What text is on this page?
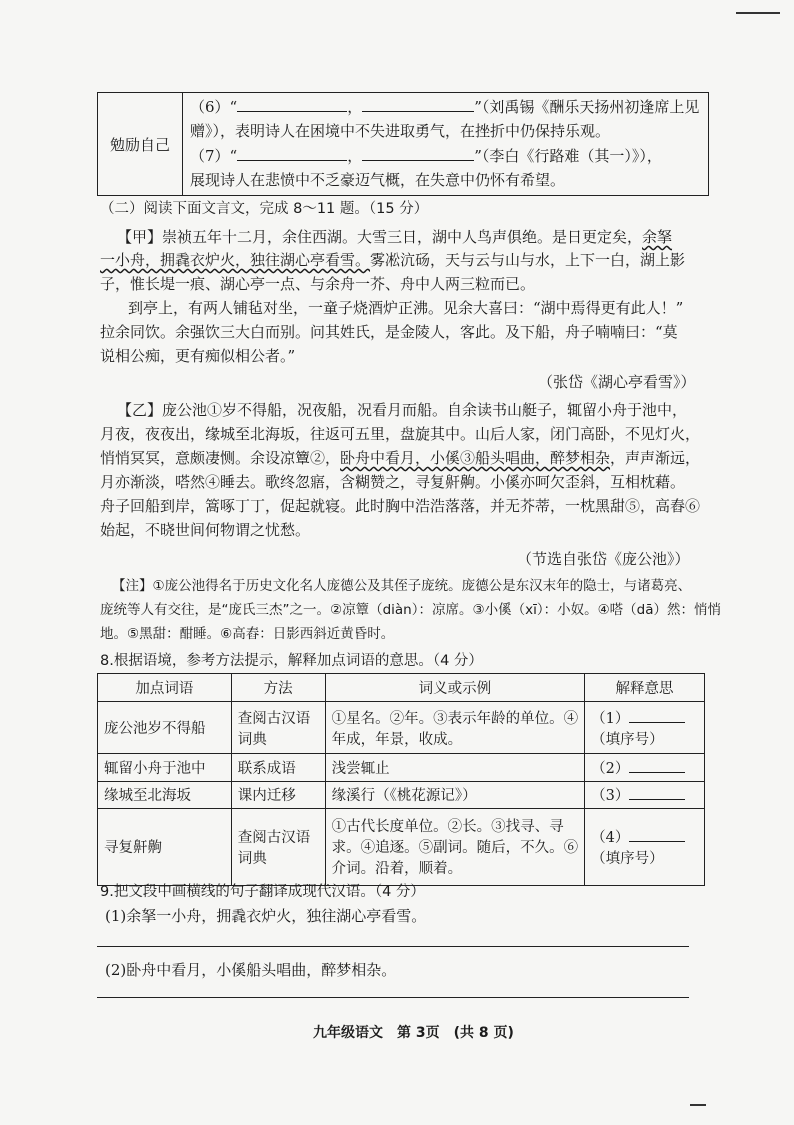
勉励自己
（6）“	，	”（刘禹锡《酬乐天扬州初逢席上见
赠》），表明诗人在困境中不失进取勇气，在挫折中仍保持乐观。
（7）“	，	”（李白《行路难（其一）》），
展现诗人在悲愤中不乏豪迈气概，在失意中仍怀有希望。
（二）阅读下面文言文，完成 8～11 题。（15 分）
【甲】崇祯五年十二月，余住西湖。大雪三日，湖中人鸟声俱绝。是日更定矣，余拏
一小舟，拥毳衣炉火，独往湖心亭看雪。雾凇沆砀，天与云与山与水，上下一白，湖上影
子，惟长堤一痕、湖心亭一点、与余舟一芥、舟中人两三粒而已。
到亭上，有两人铺毡对坐，一童子烧酒炉正沸。见余大喜曰：“湖中焉得更有此人！”
拉余同饮。余强饮三大白而别。问其姓氏，是金陵人，客此。及下船，舟子喃喃曰：“莫
说相公痴，更有痴似相公者。”
（张岱《湖心亭看雪》）
【乙】庞公池①岁不得船，况夜船，况看月而船。自余读书山艇子，辄留小舟于池中，
月夜，夜夜出，缘城至北海坂，往返可五里，盘旋其中。山后人家，闭门高卧，不见灯火，
悄悄冥冥，意颇凄恻。余设凉簟②，卧舟中看月，小傒③船头唱曲，醉梦相杂，声声渐远，
月亦渐淡，嗒然④睡去。歌终忽寤，含糊赞之，寻复鼾齁。小傒亦呵欠歪斜，互相枕藉。
舟子回船到岸，篙啄丁丁，促起就寝。此时胸中浩浩落落，并无芥蒂，一枕黑甜⑤，高舂⑥
始起，不晓世间何物谓之忧愁。
（节选自张岱《庞公池》）
【注】①庞公池得名于历史文化名人庞德公及其侄子庞统。庞德公是东汉末年的隐士，与诸葛亮、
庞统等人有交往，是“庞氏三杰”之一。②凉簟（diàn）：凉席。③小傒（xī）：小奴。④嗒（dā）然：悄悄
地。⑤黑甜：酣睡。⑥高舂：日影西斜近黄昏时。
8.根据语境，参考方法提示，解释加点词语的意思。（4 分）
加点词语	方法	词义或示例	解释意思
庞公池岁不得船	查阅古汉语词典	①星名。②年。③表示年龄的单位。④年成，年景，收成。	（1）
（填序号）
辄留小舟于池中	联系成语	浅尝辄止	（2）
缘城至北海坂	课内迁移	缘溪行（《桃花源记》）	（3）
寻复鼾齁	查阅古汉语词典	①古代长度单位。②长。③找寻、寻求。④追逐。⑤副词。随后，不久。⑥介词。沿着，顺着。	（4）
（填序号）
9.把文段中画横线的句子翻译成现代汉语。（4 分）
(1)余拏一小舟，拥毳衣炉火，独往湖心亭看雪。
(2)卧舟中看月，小傒船头唱曲，醉梦相杂。
九年级语文　第 3页　(共 8 页)
